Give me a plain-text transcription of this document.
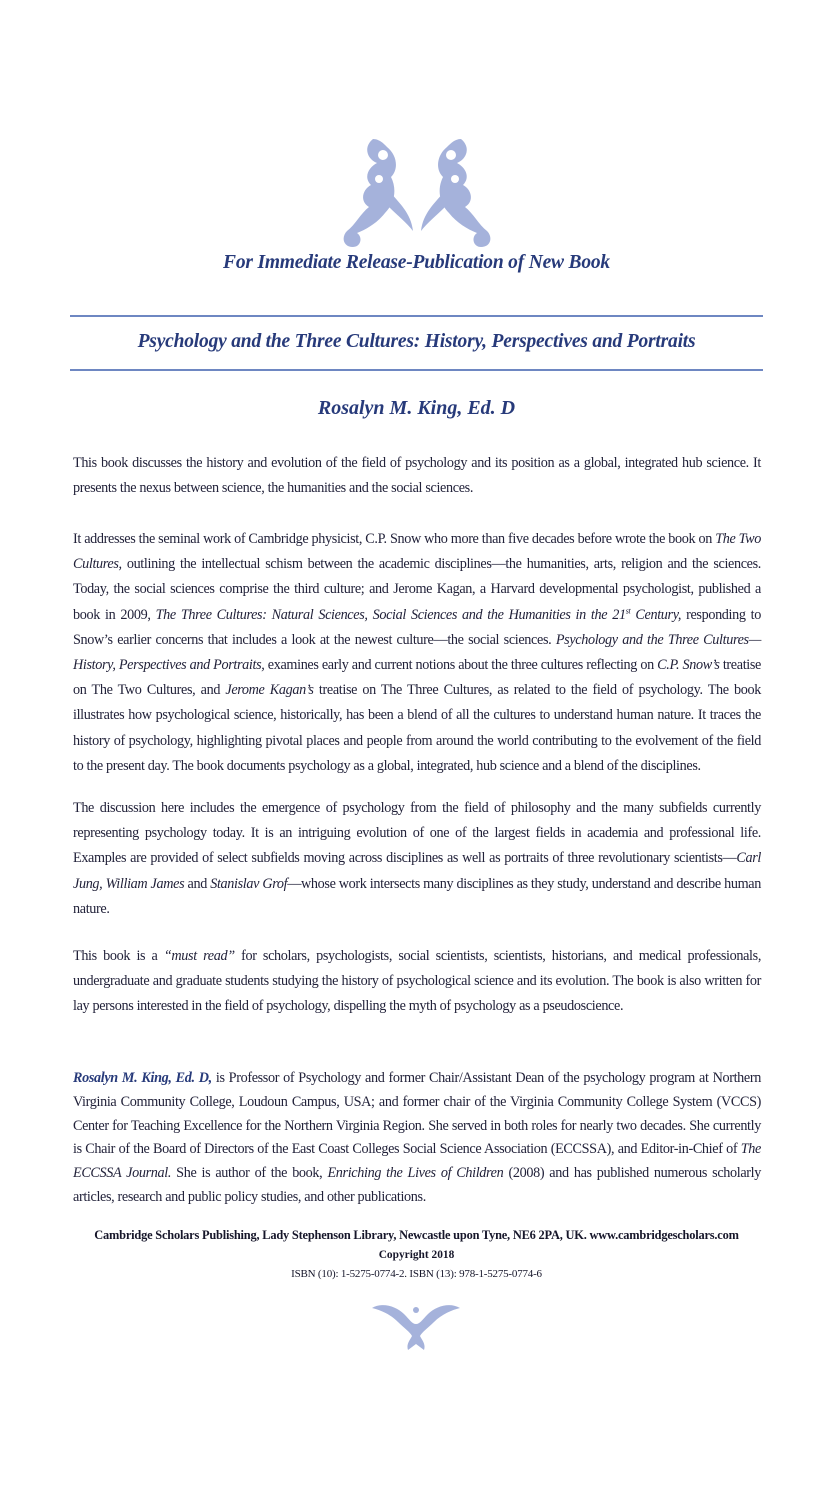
For Immediate Release-Publication of New Book
Psychology and the Three Cultures: History, Perspectives and Portraits
Rosalyn M. King, Ed. D

This book discusses the history and evolution of the field of psychology and its position as a global, integrated hub science. It presents the nexus between science, the humanities and the social sciences.

It addresses the seminal work of Cambridge physicist, C.P. Snow who more than five decades before wrote the book on The Two Cultures, outlining the intellectual schism between the academic disciplines—the humanities, arts, religion and the sciences. Today, the social sciences comprise the third culture; and Jerome Kagan, a Harvard developmental psychologist, published a book in 2009, The Three Cultures: Natural Sciences, Social Sciences and the Humanities in the 21st Century, responding to Snow’s earlier concerns that includes a look at the newest culture—the social sciences. Psychology and the Three Cultures—History, Perspectives and Portraits, examines early and current notions about the three cultures reflecting on C.P. Snow’s treatise on The Two Cultures, and Jerome Kagan’s treatise on The Three Cultures, as related to the field of psychology. The book illustrates how psychological science, historically, has been a blend of all the cultures to understand human nature. It traces the history of psychology, highlighting pivotal places and people from around the world contributing to the evolvement of the field to the present day. The book documents psychology as a global, integrated, hub science and a blend of the disciplines.

The discussion here includes the emergence of psychology from the field of philosophy and the many subfields currently representing psychology today. It is an intriguing evolution of one of the largest fields in academia and professional life. Examples are provided of select subfields moving across disciplines as well as portraits of three revolutionary scientists—Carl Jung, William James and Stanislav Grof—whose work intersects many disciplines as they study, understand and describe human nature.

This book is a “must read” for scholars, psychologists, social scientists, scientists, historians, and medical professionals, undergraduate and graduate students studying the history of psychological science and its evolution. The book is also written for lay persons interested in the field of psychology, dispelling the myth of psychology as a pseudoscience.

Rosalyn M. King, Ed. D, is Professor of Psychology and former Chair/Assistant Dean of the psychology program at Northern Virginia Community College, Loudoun Campus, USA; and former chair of the Virginia Community College System (VCCS) Center for Teaching Excellence for the Northern Virginia Region. She served in both roles for nearly two decades. She currently is Chair of the Board of Directors of the East Coast Colleges Social Science Association (ECCSSA), and Editor-in-Chief of The ECCSSA Journal. She is author of the book, Enriching the Lives of Children (2008) and has published numerous scholarly articles, research and public policy studies, and other publications.

Cambridge Scholars Publishing, Lady Stephenson Library, Newcastle upon Tyne, NE6 2PA, UK. www.cambridgescholars.com
Copyright 2018
ISBN (10): 1-5275-0774-2. ISBN (13): 978-1-5275-0774-6
